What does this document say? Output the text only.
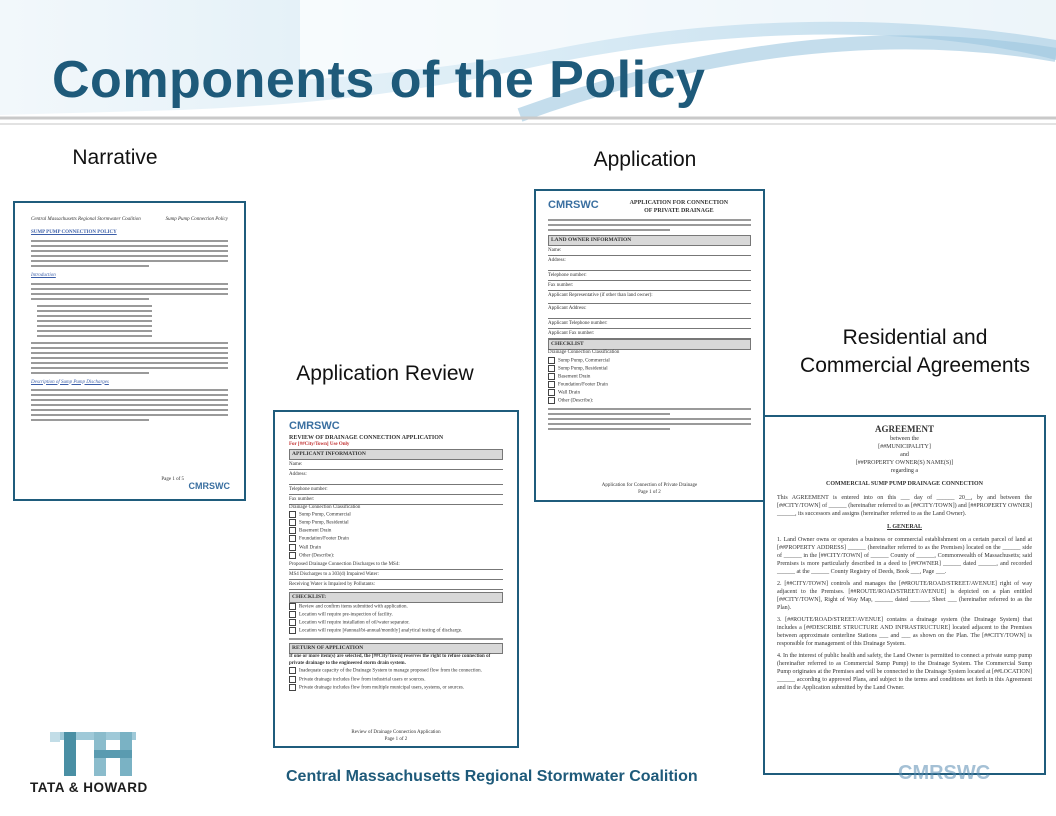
Components of the Policy
Narrative	Application
Application Review
Residential and Commercial Agreements
Central Massachusetts Regional Stormwater Coalition	Sump Pump Connection Policy
SUMP PUMP CONNECTION POLICY
Introduction
Description of Sump Pump Discharges
Page 1 of 5
CMRSWC
CMRSWC	APPLICATION FOR CONNECTION
OF PRIVATE DRAINAGE
LAND OWNER INFORMATION
Name:
Address:
Telephone number:
Fax number:
Applicant Representative (if other than land owner):
Applicant Address:
Applicant Telephone number:
Applicant Fax number:
CHECKLIST
Drainage Connection Classification
Sump Pump, Commercial
Sump Pump, Residential
Basement Drain
Foundation/Footer Drain
Wall Drain
Other (Describe):
Application for Connection of Private Drainage
Page 1 of 2
CMRSWC
REVIEW OF DRAINAGE CONNECTION APPLICATION
For [##City/Town] Use Only
APPLICANT INFORMATION
Name:
Address:
Telephone number:
Fax number:
Drainage Connection Classification
Sump Pump, Commercial
Sump Pump, Residential
Basement Drain
Foundation/Footer Drain
Wall Drain
Other (Describe):
Proposed Drainage Connection Discharges to the MS4:
MS4 Discharges to a 303(d) Impaired Water:
Receiving Water is Impaired by Pollutants:
CHECKLIST:
Review and confirm items submitted with application.
Location will require pre-inspection of facility.
Location will require installation of oil/water separator.
Location will require [#annual/bi-annual/monthly] analytical testing of discharge.
RETURN OF APPLICATION
If one or more item(s) are selected, the [##City/Town] reserves the right to refuse connection of private drainage to the engineered storm drain system.
Inadequate capacity of the Drainage System to manage proposed flow from the connection.
Private drainage includes flow from industrial users or sources.
Private drainage includes flow from multiple municipal users, systems, or sources.
Review of Drainage Connection Application
Page 1 of 2
AGREEMENT
between the
[##MUNICIPALITY]
and
[##PROPERTY OWNER(S) NAME(S)]
regarding a
COMMERCIAL SUMP PUMP DRAINAGE CONNECTION
This AGREEMENT is entered into on this ___ day of ______ 20__, by and between the [##CITY/TOWN] of ______ (hereinafter referred to as [##CITY/TOWN]) and [##PROPERTY OWNER] ______, its successors and assigns (hereinafter referred to as the Land Owner).
I. GENERAL
1. Land Owner owns or operates a business or commercial establishment on a certain parcel of land at [##PROPERTY ADDRESS] ______ (hereinafter referred to as the Premises) located on the ______ side of ______ in the [##CITY/TOWN] of ______ County of ______, Commonwealth of Massachusetts; said Premises is more particularly described in a deed to [##OWNER] ______ dated ______, and recorded ______ at the ______ County Registry of Deeds, Book ___, Page ___.
2. [##CITY/TOWN] controls and manages the [##ROUTE/ROAD/STREET/AVENUE] right of way adjacent to the Premises. [##ROUTE/ROAD/STREET/AVENUE] is depicted on a plan entitled [##CITY/TOWN], Right of Way Map, ______ dated ______, Sheet ___ (hereinafter referred to as the Plan).
3. [##ROUTE/ROAD/STREET/AVENUE] contains a drainage system (the Drainage System) that includes a [##DESCRIBE STRUCTURE AND INFRASTRUCTURE] located adjacent to the Premises between approximate centerline Stations ___ and ___ as shown on the Plan. The [##CITY/TOWN] is responsible for management of this Drainage System.
4. In the interest of public health and safety, the Land Owner is permitted to connect a private sump pump (hereinafter referred to as Commercial Sump Pump) to the Drainage System. The Commercial Sump Pump originates at the Premises and will be connected to the Drainage System located at [##LOCATION] ______ according to approved Plans, and subject to the terms and conditions set forth in this Agreement and in the Application submitted by the Land Owner.
TATA & HOWARD
Central Massachusetts Regional Stormwater Coalition	CMRSWC
